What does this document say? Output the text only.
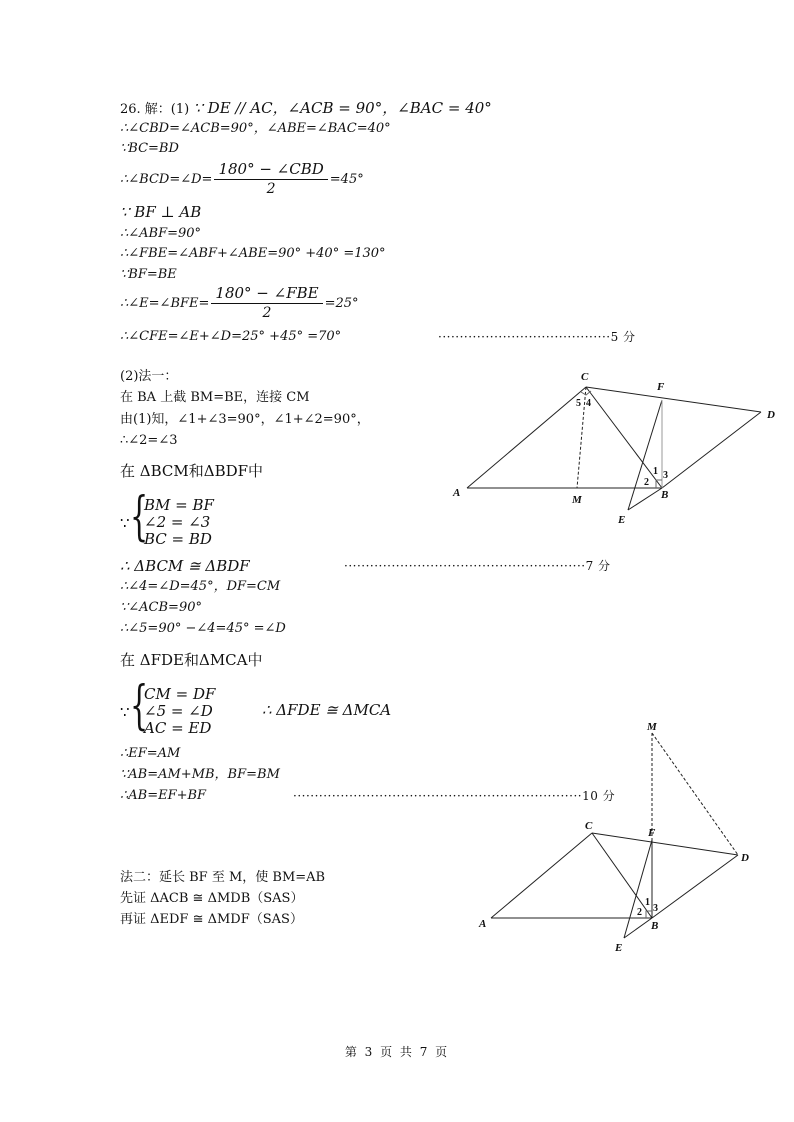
26. 解：(1) ∵ DE // AC，∠ACB = 90°，∠BAC = 40°
∴∠CBD=∠ACB=90°，∠ABE=∠BAC=40°
∵BC=BD
∴∠BCD=∠D= $\frac{\text{180° − ∠CBD}}{2} =45^\circ$
∵ BF ⊥ AB
∴∠ABF=90°
∴∠FBE=∠ABF+∠ABE=90° +40° =130°
∵BF=BE
∴∠E=∠BFE= $\frac{\text{180° − ∠FBE}}{2} =25^\circ$
∴∠CFE=∠E+∠D=25° +45° =70°	········································5 分
(2)法一：
在 BA 上截 BM=BE，连接 CM
由(1)知，∠1+∠3=90°，∠1+∠2=90°，
∴∠2=∠3
在 ΔBCM和ΔBDF中
∵ {
BM = BF
∠2 = ∠3
BC = BD
∴ ΔBCM ≅ ΔBDF	························································7 分
∴∠4=∠D=45°，DF=CM
∵∠ACB=90°
∴∠5=90° −∠4=45° =∠D
在 ΔFDE和ΔMCA中
∵ {
CM = DF
∠5 = ∠D
AC = ED
∴ ΔFDE ≅ ΔMCA
∴EF=AM
∵AB=AM+MB，BF=BM
∴AB=EF+BF	···································································10 分
法二：延长 BF 至 M，使 BM=AB
先证 ΔACB ≅ ΔMDB（SAS）
再证 ΔEDF ≅ ΔMDF（SAS）
C
F
D
A
M	B
E
5 4
1
2
3
M
C
F
D
A	B
E
1
2 3
第 3 页 共 7 页
